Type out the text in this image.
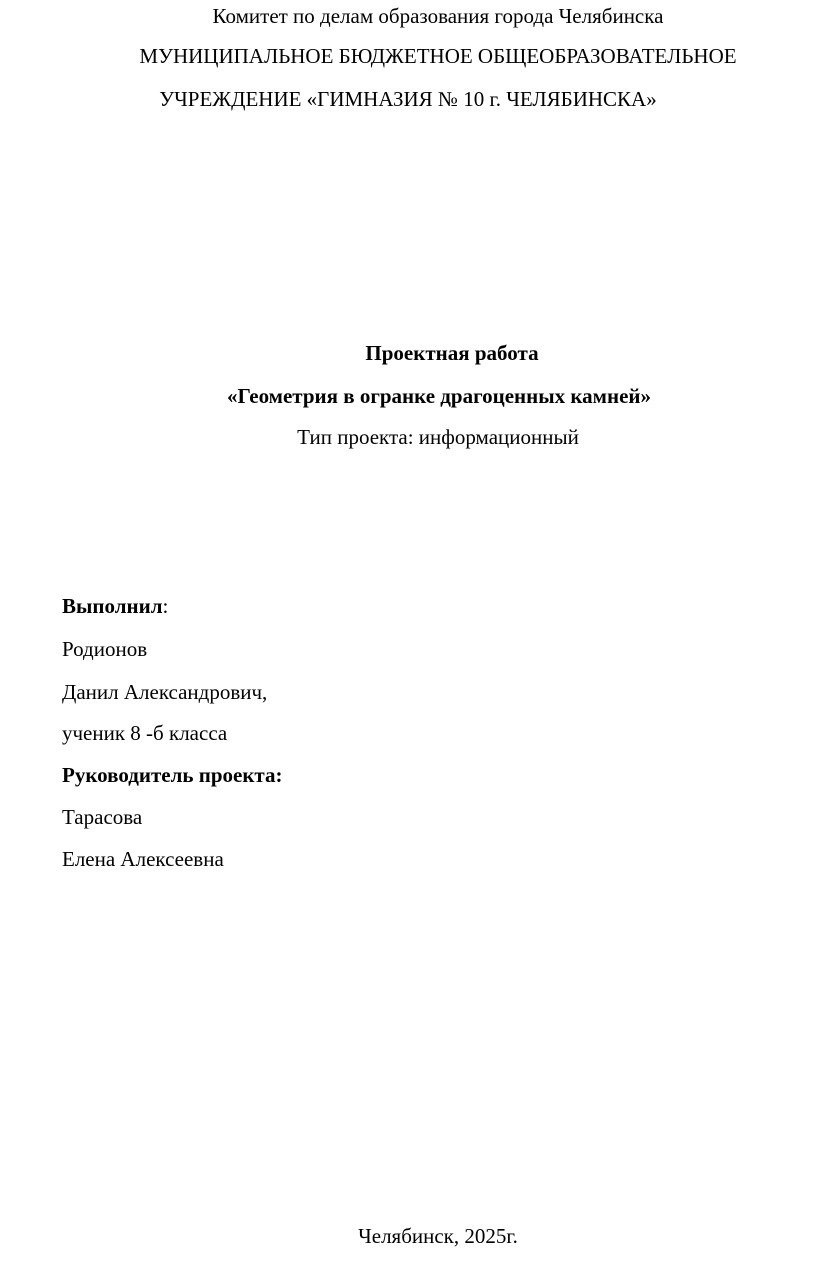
Комитет по делам образования города Челябинска
МУНИЦИПАЛЬНОЕ БЮДЖЕТНОЕ ОБЩЕОБРАЗОВАТЕЛЬНОЕ
УЧРЕЖДЕНИЕ «ГИМНАЗИЯ № 10 г. ЧЕЛЯБИНСКА»
Проектная работа
«Геометрия в огранке драгоценных камней»
Тип проекта: информационный
Выполнил:
Родионов
Данил Александрович,
ученик 8 -б класса
Руководитель проекта:
Тарасова
Елена Алексеевна
Челябинск, 2025г.
